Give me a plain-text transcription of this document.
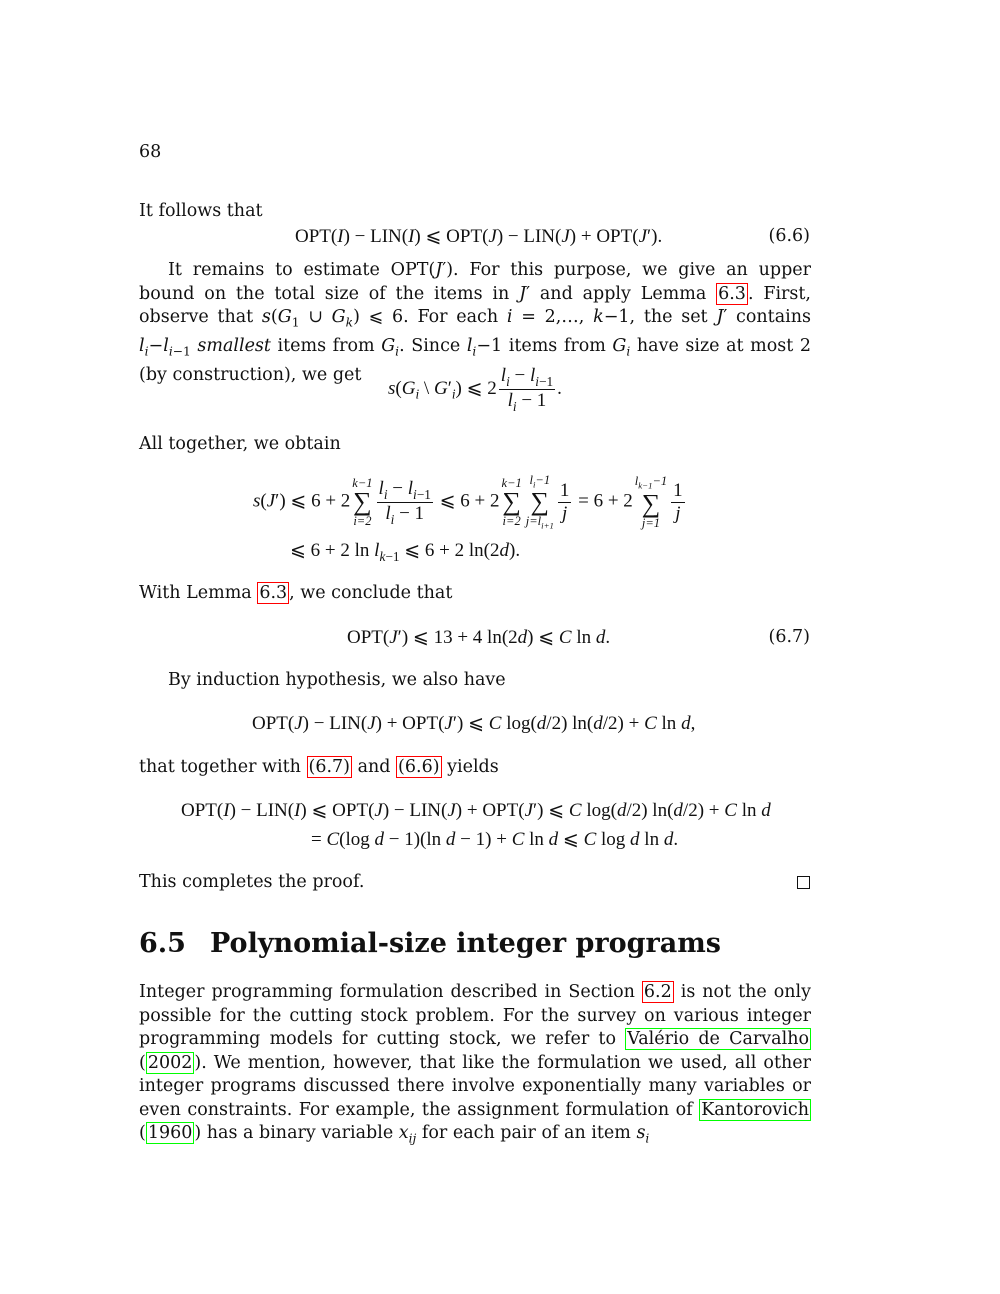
68
It follows that
OPT(I) − LIN(I) ⩽ OPT(J) − LIN(J) + OPT(J′).	(6.6)
It remains to estimate OPT(J′). For this purpose, we give an upper bound on the total size of the items in J′ and apply Lemma 6.3 . First, observe that $s(G_1$ ∪ $G_k$) ⩽ 6. For each i = 2,…, k−1, the set J′ contains $l_i-l_{i-1}$ smallest items from $G_i$. Since $l_i-1$ items from $G_i$ have size at most 2 (by construction), we get
$s(G_i$ \ $G'_i$) ⩽ $2 \frac{l_i - l_{i-1}}{l_i - 1}$ .
All together, we obtain
s(J′) ⩽ 6 + 2
k−1
∑
$i=2 \frac{l_i - l_{i-1}}{l_i - 1}$ ⩽ 6 + 2
k−1
∑
i=2
$l_i-1$
∑
$j=l_{i+1}$
$\frac{1}{j} = 6 + 2$
$l_{k-1}-1$
∑
$j=1 \frac{1}{j}$
⩽ 6 + 2 $\ln l_{k-1}$ ⩽ 6 + 2 ln(2d).
With Lemma 6.3 , we conclude that
OPT(J′) ⩽ 13 + 4 ln(2d) ⩽ C ln d.	(6.7)
By induction hypothesis, we also have
OPT(J) − LIN(J) + OPT(J′) ⩽ C log(d/2) ln(d/2) + C ln d,
that together with (6.7) and (6.6) yields
OPT(I) − LIN(I) ⩽ OPT(J) − LIN(J) + OPT(J′) ⩽ C log(d/2) ln(d/2) + C ln d
= C(log d − 1)(ln d − 1) + C ln d ⩽ C log d ln d.
This completes the proof.
6.5 Polynomial-size integer programs
Integer programming formulation described in Section 6.2 is not the only possible for the cutting stock problem. For the survey on various integer programming models for cutting stock, we refer to Valério de Carvalho ( 2002 ). We mention, however, that like the formulation we used, all other integer programs discussed there involve exponentially many variables or even constraints. For example, the assignment formulation of Kantorovich ( 1960 ) has a binary variable $x_{ij}$ for each pair of an item $s_i$
